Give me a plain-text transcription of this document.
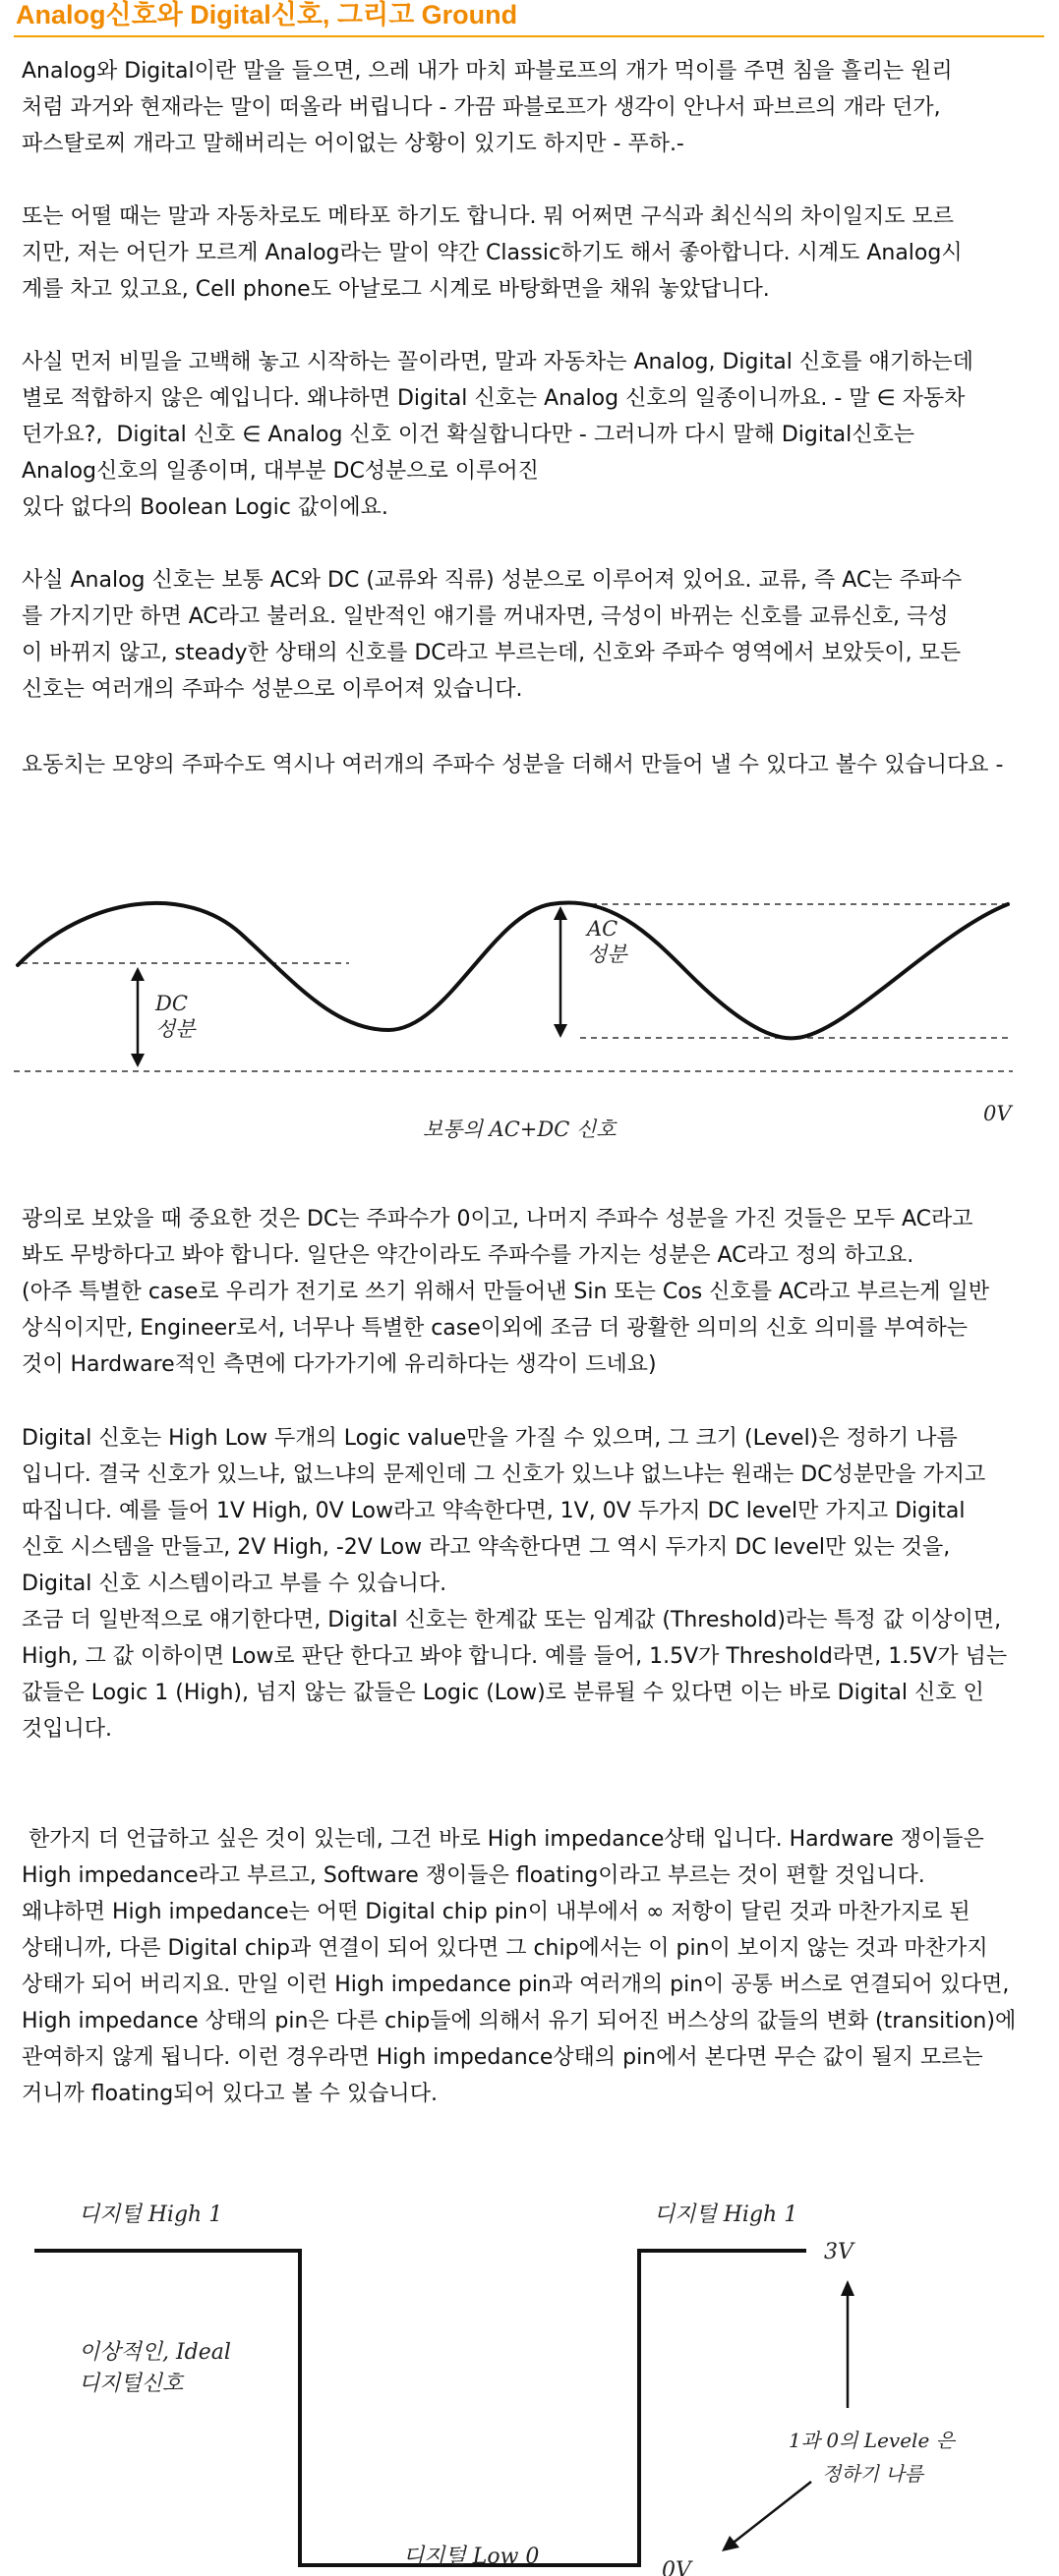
Analog신호와 Digital신호, 그리고 Ground

Analog와 Digital이란 말을 들으면, 으레 내가 마치 파블로프의 개가 먹이를 주면 침을 흘리는 원리
처럼 과거와 현재라는 말이 떠올라 버립니다 - 가끔 파블로프가 생각이 안나서 파브르의 개라 던가,
파스탈로찌 개라고 말해버리는 어이없는 상황이 있기도 하지만 - 푸하.-

또는 어떨 때는 말과 자동차로도 메타포 하기도 합니다. 뭐 어쩌면 구식과 최신식의 차이일지도 모르
지만, 저는 어딘가 모르게 Analog라는 말이 약간 Classic하기도 해서 좋아합니다. 시계도 Analog시
계를 차고 있고요, Cell phone도 아날로그 시계로 바탕화면을 채워 놓았답니다.

사실 먼저 비밀을 고백해 놓고 시작하는 꼴이라면, 말과 자동차는 Analog, Digital 신호를 얘기하는데
별로 적합하지 않은 예입니다. 왜냐하면 Digital 신호는 Analog 신호의 일종이니까요. - 말 ∈ 자동차
던가요?,  Digital 신호 ∈ Analog 신호 이건 확실합니다만 - 그러니까 다시 말해 Digital신호는
Analog신호의 일종이며, 대부분 DC성분으로 이루어진
있다 없다의 Boolean Logic 값이에요.

사실 Analog 신호는 보통 AC와 DC (교류와 직류) 성분으로 이루어져 있어요. 교류, 즉 AC는 주파수
를 가지기만 하면 AC라고 불러요. 일반적인 얘기를 꺼내자면, 극성이 바뀌는 신호를 교류신호, 극성
이 바뀌지 않고, steady한 상태의 신호를 DC라고 부르는데, 신호와 주파수 영역에서 보았듯이, 모든
신호는 여러개의 주파수 성분으로 이루어져 있습니다.

요동치는 모양의 주파수도 역시나 여러개의 주파수 성분을 더해서 만들어 낼 수 있다고 볼수 있습니다요 -

AC 성분
DC 성분
보통의 AC+DC 신호
0V

광의로 보았을 때 중요한 것은 DC는 주파수가 0이고, 나머지 주파수 성분을 가진 것들은 모두 AC라고
봐도 무방하다고 봐야 합니다. 일단은 약간이라도 주파수를 가지는 성분은 AC라고 정의 하고요.
(아주 특별한 case로 우리가 전기로 쓰기 위해서 만들어낸 Sin 또는 Cos 신호를 AC라고 부르는게 일반
상식이지만, Engineer로서, 너무나 특별한 case이외에 조금 더 광활한 의미의 신호 의미를 부여하는
것이 Hardware적인 측면에 다가가기에 유리하다는 생각이 드네요)

Digital 신호는 High Low 두개의 Logic value만을 가질 수 있으며, 그 크기 (Level)은 정하기 나름
입니다. 결국 신호가 있느냐, 없느냐의 문제인데 그 신호가 있느냐 없느냐는 원래는 DC성분만을 가지고
따집니다. 예를 들어 1V High, 0V Low라고 약속한다면, 1V, 0V 두가지 DC level만 가지고 Digital
신호 시스템을 만들고, 2V High, -2V Low 라고 약속한다면 그 역시 두가지 DC level만 있는 것을,
Digital 신호 시스템이라고 부를 수 있습니다.

조금 더 일반적으로 얘기한다면, Digital 신호는 한계값 또는 임계값 (Threshold)라는 특정 값 이상이면,
High, 그 값 이하이면 Low로 판단 한다고 봐야 합니다. 예를 들어, 1.5V가 Threshold라면, 1.5V가 넘는
값들은 Logic 1 (High), 넘지 않는 값들은 Logic (Low)로 분류될 수 있다면 이는 바로 Digital 신호 인
것입니다.

한가지 더 언급하고 싶은 것이 있는데, 그건 바로 High impedance상태 입니다. Hardware 쟁이들은
High impedance라고 부르고, Software 쟁이들은 floating이라고 부르는 것이 편할 것입니다.
왜냐하면 High impedance는 어떤 Digital chip pin이 내부에서 ∞ 저항이 달린 것과 마찬가지로 된
상태니까, 다른 Digital chip과 연결이 되어 있다면 그 chip에서는 이 pin이 보이지 않는 것과 마찬가지
상태가 되어 버리지요. 만일 이런 High impedance pin과 여러개의 pin이 공통 버스로 연결되어 있다면,
High impedance 상태의 pin은 다른 chip들에 의해서 유기 되어진 버스상의 값들의 변화 (transition)에
관여하지 않게 됩니다. 이런 경우라면 High impedance상태의 pin에서 본다면 무슨 값이 될지 모르는
거니까 floating되어 있다고 볼 수 있습니다.

디지털 High 1	디지털 High 1
이상적인, Ideal
디지털신호
3V
1과 0의 Levele 은
정하기 나름
0V
디지털 Low 0
